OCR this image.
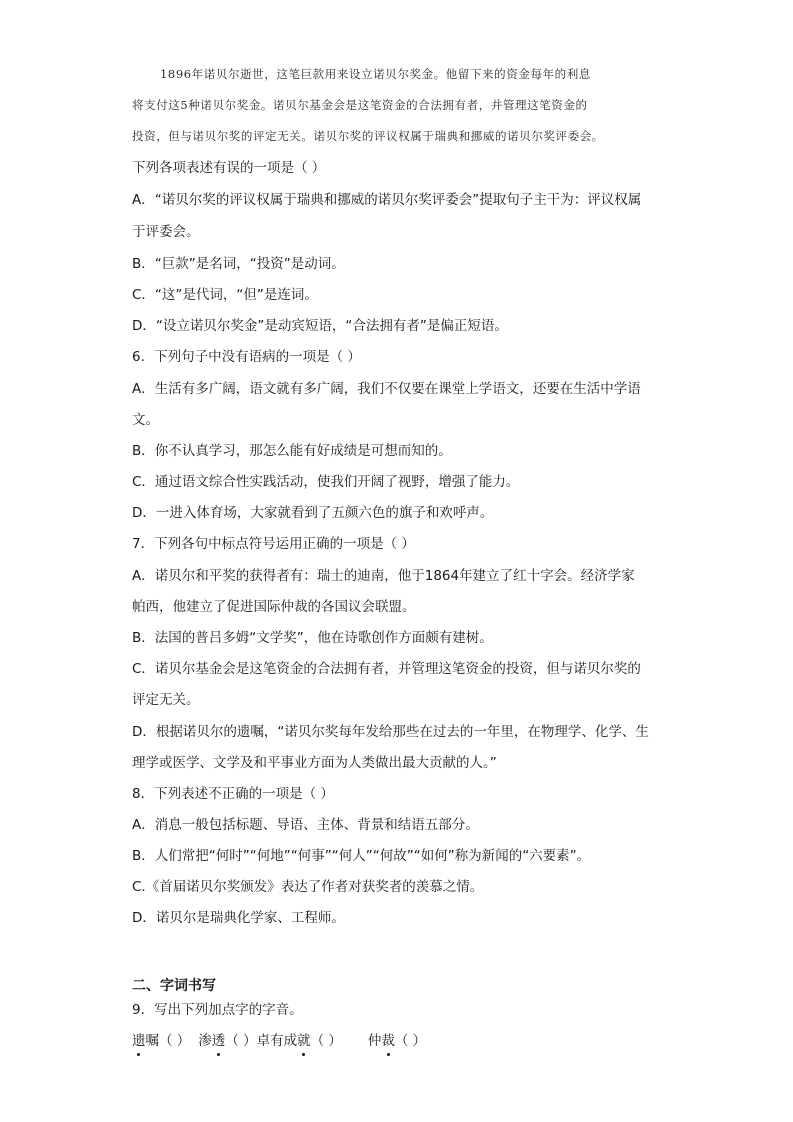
1896年诺贝尔逝世，这笔巨款用来设立诺贝尔奖金。他留下来的资金每年的利息
将支付这5种诺贝尔奖金。诺贝尔基金会是这笔资金的合法拥有者，并管理这笔资金的
投资，但与诺贝尔奖的评定无关。诺贝尔奖的评议权属于瑞典和挪威的诺贝尔奖评委会。
下列各项表述有误的一项是（ ）
A．“诺贝尔奖的评议权属于瑞典和挪威的诺贝尔奖评委会”提取句子主干为：评议权属
于评委会。
B．“巨款”是名词，“投资”是动词。
C．“这”是代词，“但”是连词。
D．“设立诺贝尔奖金”是动宾短语，“合法拥有者”是偏正短语。
6．下列句子中没有语病的一项是（ ）
A．生活有多广阔，语文就有多广阔，我们不仅要在课堂上学语文，还要在生活中学语
文。
B．你不认真学习，那怎么能有好成绩是可想而知的。
C．通过语文综合性实践活动，使我们开阔了视野，增强了能力。
D．一进入体育场，大家就看到了五颜六色的旗子和欢呼声。
7．下列各句中标点符号运用正确的一项是（ ）
A．诺贝尔和平奖的获得者有：瑞士的迪南，他于1864年建立了红十字会。经济学家
帕西，他建立了促进国际仲裁的各国议会联盟。
B．法国的普吕多姆“文学奖”，他在诗歌创作方面颇有建树。
C．诺贝尔基金会是这笔资金的合法拥有者，并管理这笔资金的投资，但与诺贝尔奖的
评定无关。
D．根据诺贝尔的遗嘱，“诺贝尔奖每年发给那些在过去的一年里，在物理学、化学、生
理学或医学、文学及和平事业方面为人类做出最大贡献的人。”
8．下列表述不正确的一项是（ ）
A．消息一般包括标题、导语、主体、背景和结语五部分。
B．人们常把“何时”“何地”“何事”“何人”“何故”“如何”称为新闻的“六要素”。
C.《首届诺贝尔奖颁发》表达了作者对获奖者的羡慕之情。
D．诺贝尔是瑞典化学家、工程师。
二、字词书写
9．写出下列加点字的字音。
遗嘱（ ） 渗透（ ）卓有成就（ ） 仲裁（ ）
